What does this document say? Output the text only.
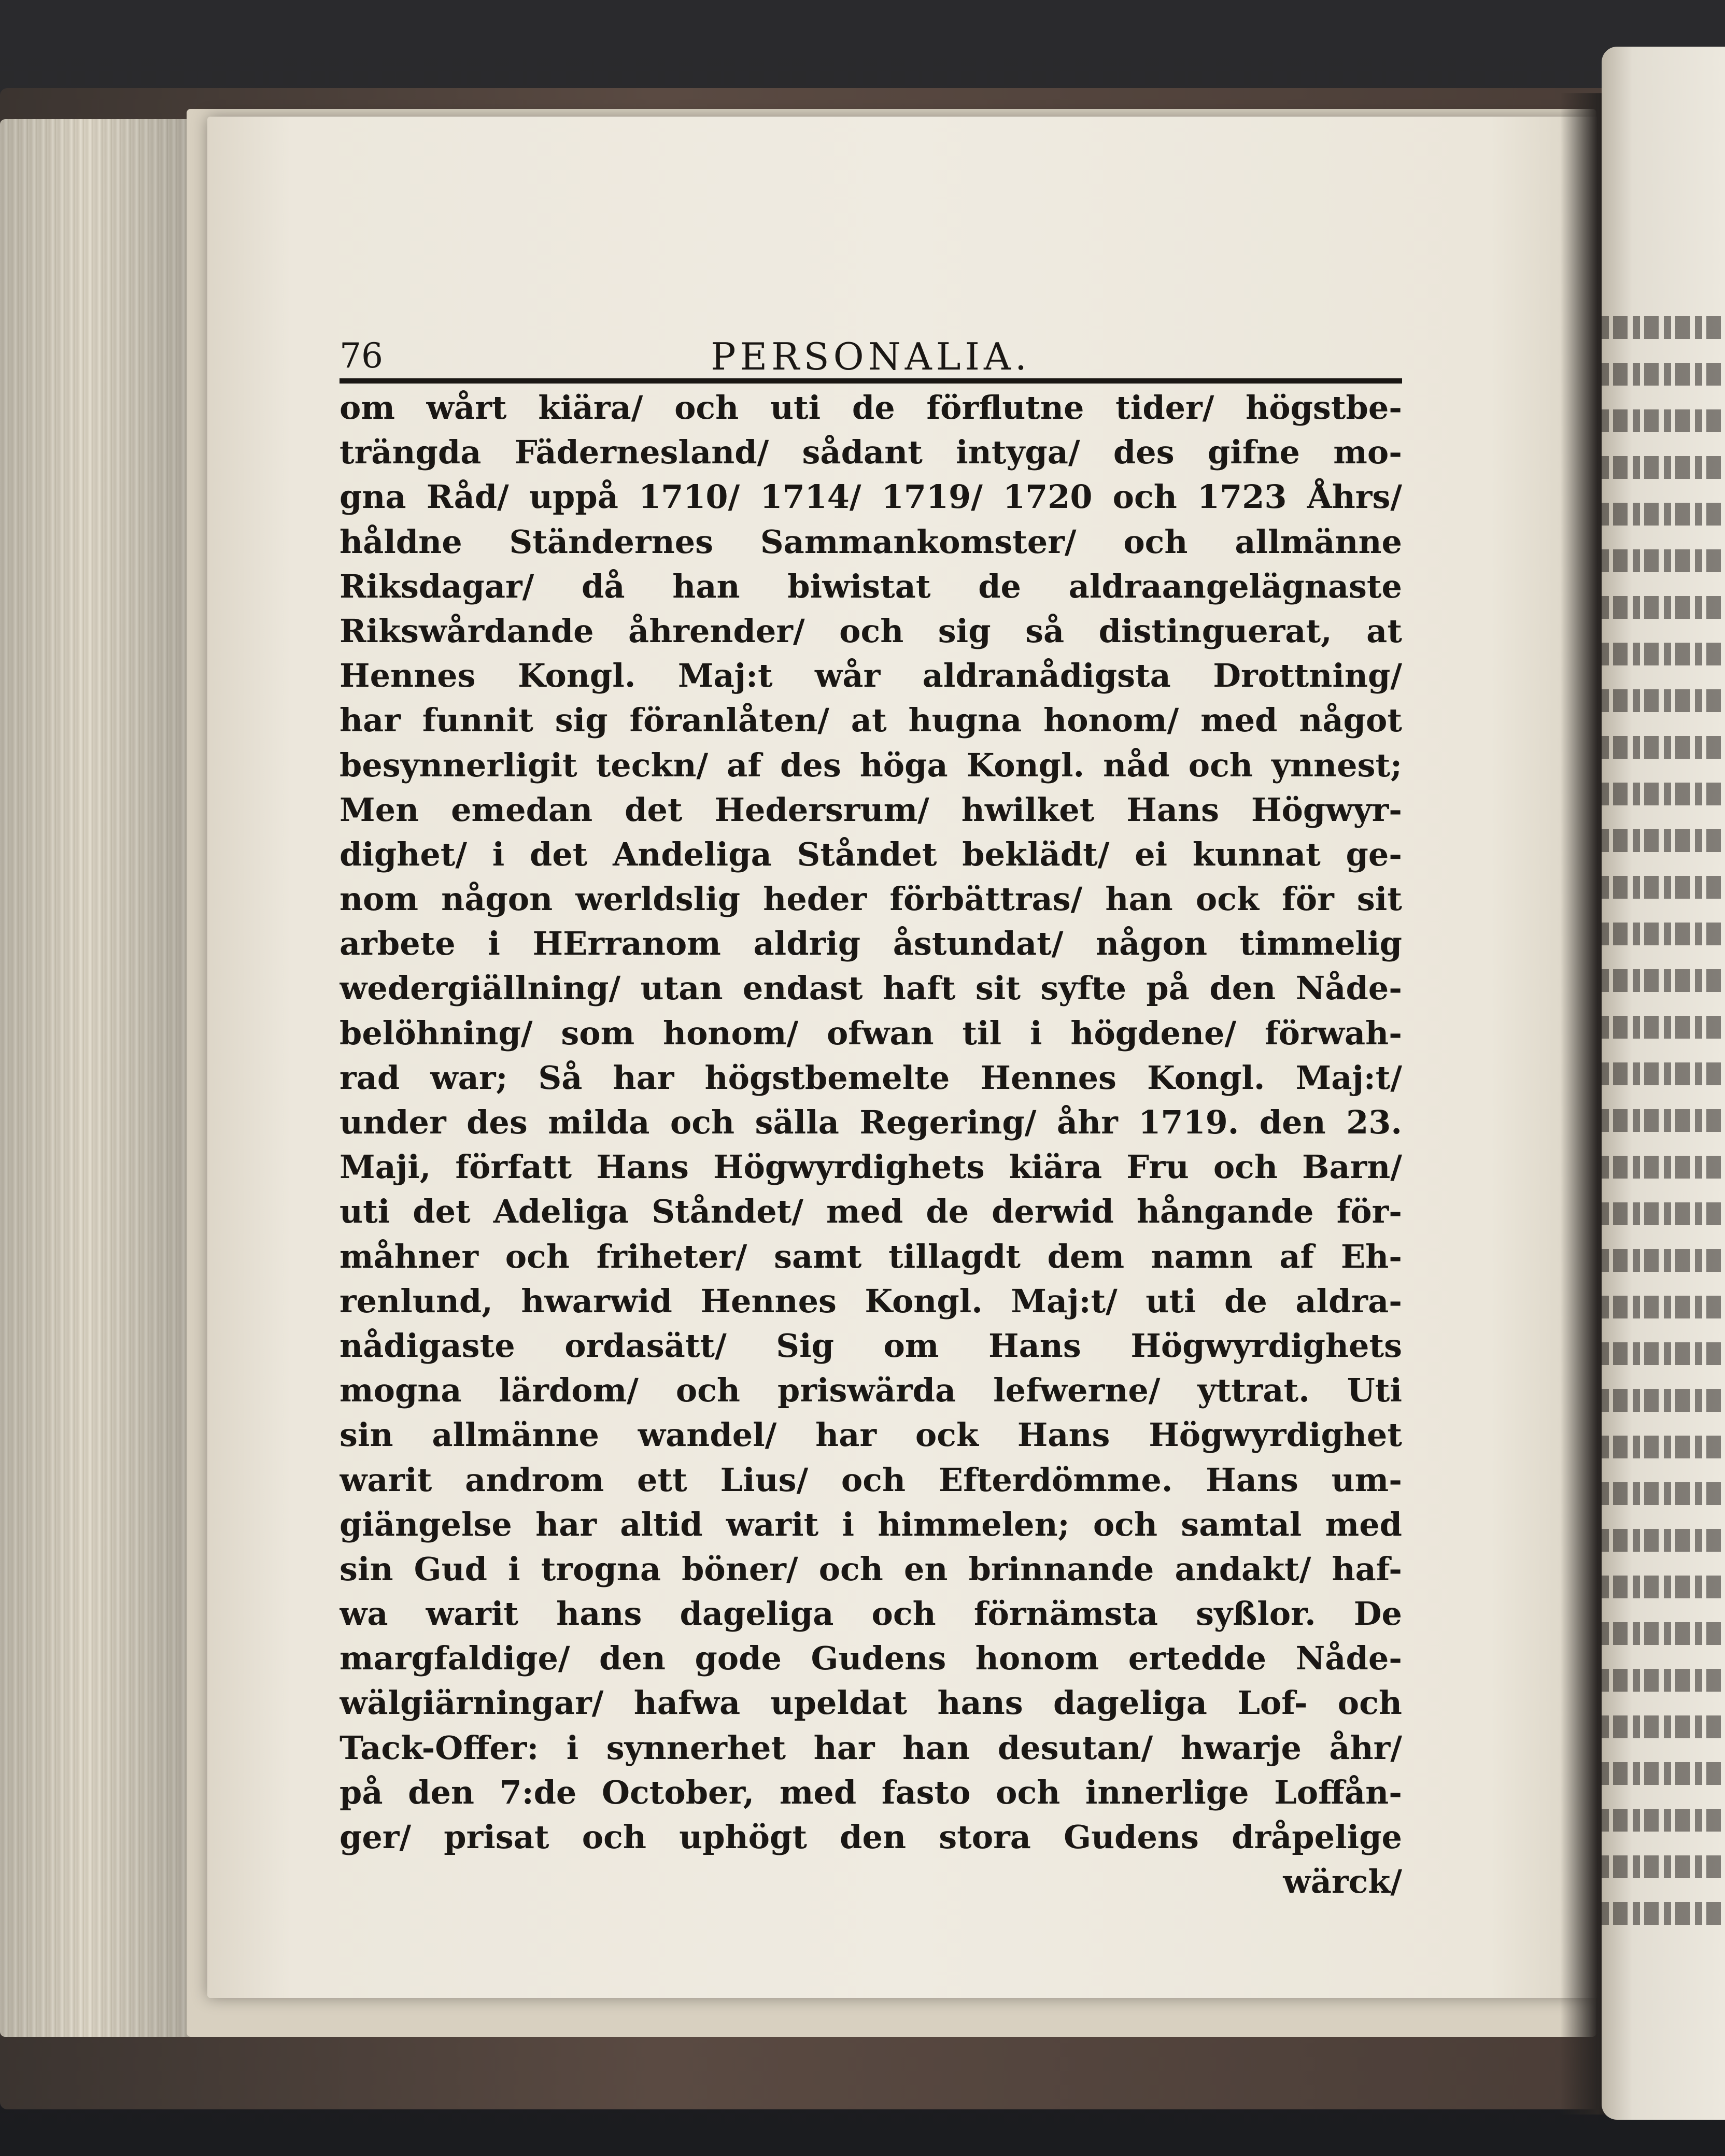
76	PERSONALIA.
om wårt kiära/ och uti de förflutne tider/ högstbe-
trängda Fädernesland/ sådant intyga/ des gifne mo-
gna Råd/ uppå 1710/ 1714/ 1719/ 1720 och 1723 Åhrs/
håldne Ständernes Sammankomster/ och allmänne
Riksdagar/ då han biwistat de aldraangelägnaste
Rikswårdande åhrender/ och sig så distinguerat, at
Hennes Kongl. Maj:t wår aldranådigsta Drottning/
har funnit sig föranlåten/ at hugna honom/ med något
besynnerligit teckn/ af des höga Kongl. nåd och ynnest;
Men emedan det Hedersrum/ hwilket Hans Högwyr-
dighet/ i det Andeliga Ståndet beklädt/ ei kunnat ge-
nom någon werldslig heder förbättras/ han ock för sit
arbete i HErranom aldrig åstundat/ någon timmelig
wedergiällning/ utan endast haft sit syfte på den Nåde-
belöhning/ som honom/ ofwan til i högdene/ förwah-
rad war; Så har högstbemelte Hennes Kongl. Maj:t/
under des milda och sälla Regering/ åhr 1719. den 23.
Maji, författ Hans Högwyrdighets kiära Fru och Barn/
uti det Adeliga Ståndet/ med de derwid hångande för-
måhner och friheter/ samt tillagdt dem namn af Eh-
renlund, hwarwid Hennes Kongl. Maj:t/ uti de aldra-
nådigaste ordasätt/ Sig om Hans Högwyrdighets
mogna lärdom/ och priswärda lefwerne/ yttrat. Uti
sin allmänne wandel/ har ock Hans Högwyrdighet
warit androm ett Lius/ och Efterdömme. Hans um-
giängelse har altid warit i himmelen; och samtal med
sin Gud i trogna böner/ och en brinnande andakt/ haf-
wa warit hans dageliga och förnämsta syßlor. De
margfaldige/ den gode Gudens honom ertedde Nåde-
wälgiärningar/ hafwa upeldat hans dageliga Lof- och
Tack-Offer: i synnerhet har han desutan/ hwarje åhr/
på den 7:de October, med fasto och innerlige Loffån-
ger/ prisat och uphögt den stora Gudens dråpelige
wärck/
